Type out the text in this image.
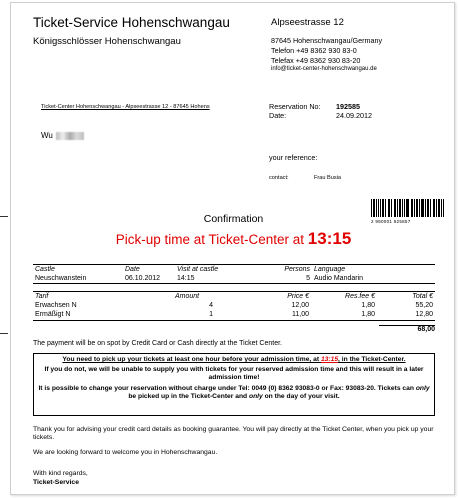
Ticket-Service Hohenschwangau
Königsschlösser Hohenschwangau
Alpseestrasse 12
87645 Hohenschwangau/Germany
Telefon +49 8362 930 83-0
Telefax +49 8362 930 83-20
info@ticket-center-hohenschwangau.de
Ticket-Center Hohenschwangau - Alpseestrasse 12 - 87645 Hohens	Reservation No: 192585
Date:	24.09.2012
Wu
your reference:
contact:	Frau Busia
2 990001 925857
Confirmation
Pick-up time at Ticket-Center at 13:15
Castle	Date	Visit at castle	Persons	Language
Neuschwanstein	06.10.2012	14:15	5	Audio Mandarin
Tarif	Amount	Price €	Res.fee €	Total €
Erwachsen N	4	12,00	1,80	55,20
Ermäßigt N	1	11,00	1,80	12,80
68,00
The payment will be on spot by Credit Card or Cash directly at the Ticket Center.

You need to pick up your tickets at least one hour before your admission time, at 13:15, in the Ticket-Center.

If you do not, we will be unable to supply you with tickets for your reserved admission time and this will result in a later admission time!

It is possible to change your reservation without charge under Tel: 0049 (0) 8362 93083-0 or Fax: 93083-20. Tickets can only be picked up in the Ticket-Center and only on the day of your visit.

Thank you for advising your credit card details as booking guarantee. You will pay directly at the Ticket Center, when you pick up your tickets.
We are looking forward to welcome you in Hohenschwangau.
With kind regards,
Ticket-Service
